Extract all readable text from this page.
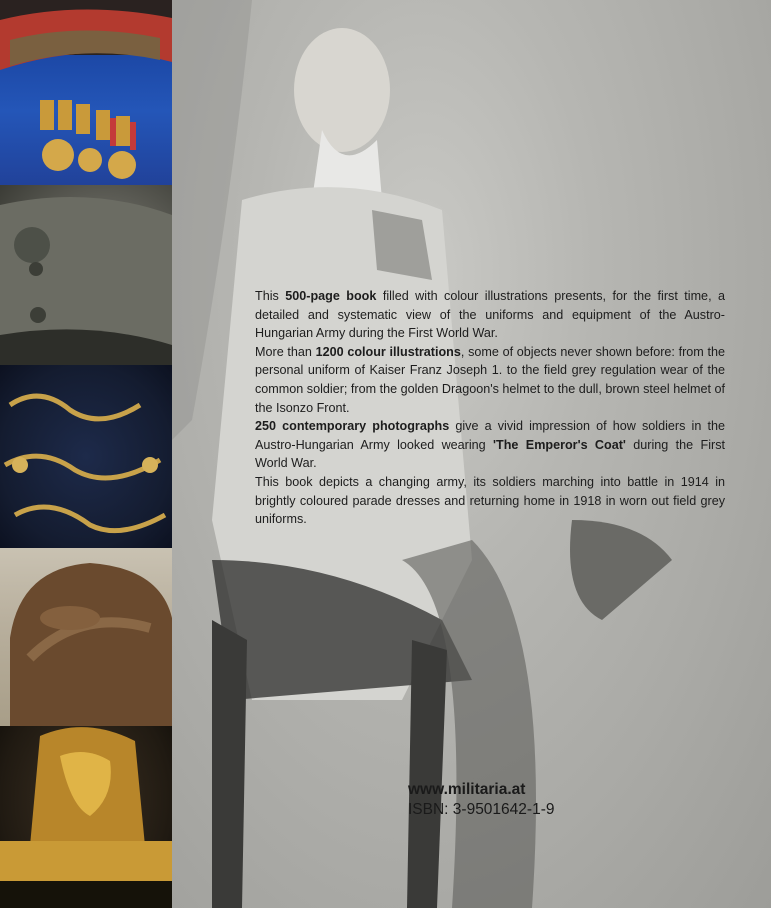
This 500-page book filled with colour illustrations presents, for the first time, a detailed and systematic view of the uniforms and equipment of the Austro-Hungarian Army during the First World War.

More than 1200 colour illustrations, some of objects never shown before: from the personal uniform of Kaiser Franz Joseph 1. to the field grey regulation wear of the common soldier; from the golden Dragoon's helmet to the dull, brown steel helmet of the Isonzo Front.

250 contemporary photographs give a vivid impression of how soldiers in the Austro-Hungarian Army looked wearing 'The Emperor's Coat' during the First World War.

This book depicts a changing army, its soldiers marching into battle in 1914 in brightly coloured parade dresses and returning home in 1918 in worn out field grey uniforms.

www.militaria.at
ISBN: 3-9501642-1-9
